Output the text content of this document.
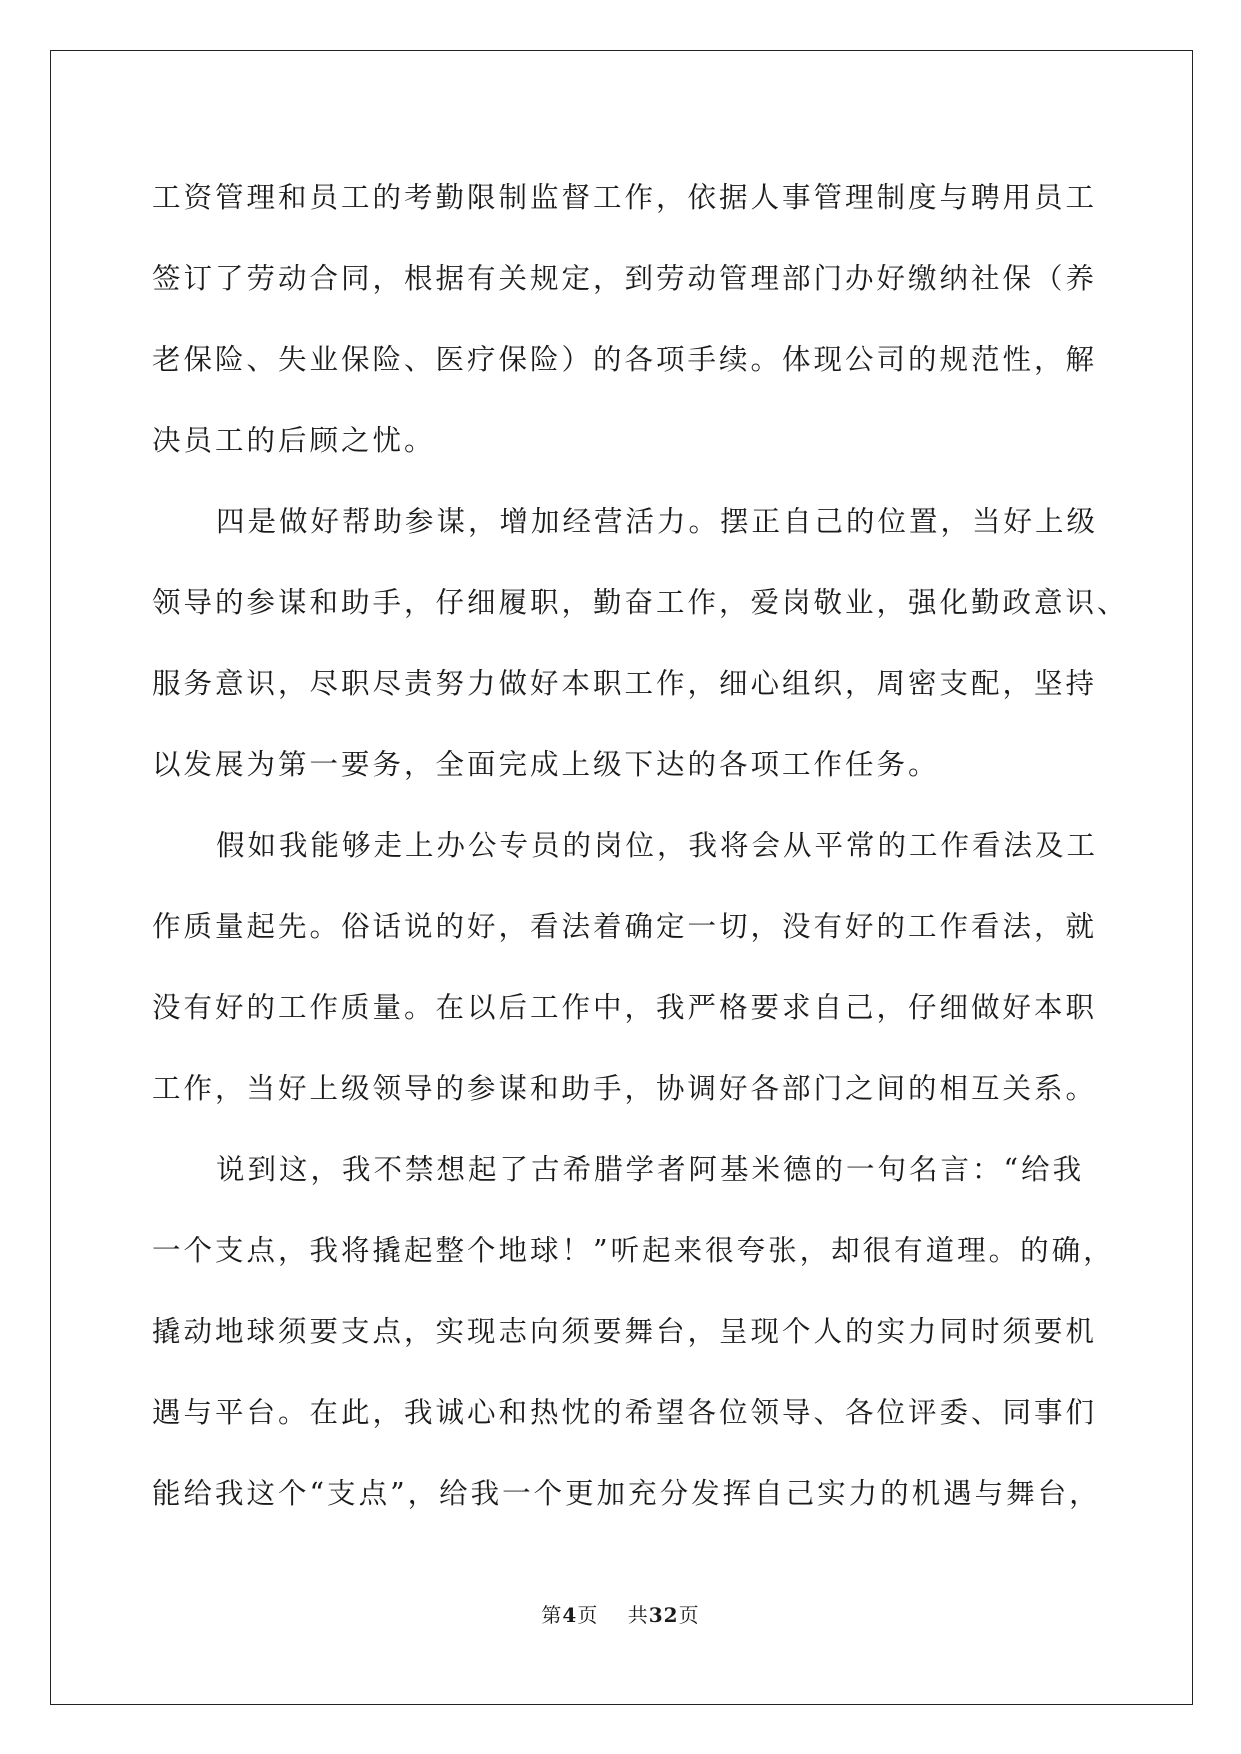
工资管理和员工的考勤限制监督工作，依据人事管理制度与聘用员工
签订了劳动合同，根据有关规定，到劳动管理部门办好缴纳社保（养
老保险、失业保险、医疗保险）的各项手续。体现公司的规范性，解
决员工的后顾之忧。

四是做好帮助参谋，增加经营活力。摆正自己的位置，当好上级
领导的参谋和助手，仔细履职，勤奋工作，爱岗敬业，强化勤政意识、
服务意识，尽职尽责努力做好本职工作，细心组织，周密支配，坚持
以发展为第一要务，全面完成上级下达的各项工作任务。

假如我能够走上办公专员的岗位，我将会从平常的工作看法及工
作质量起先。俗话说的好，看法着确定一切，没有好的工作看法，就
没有好的工作质量。在以后工作中，我严格要求自己，仔细做好本职
工作，当好上级领导的参谋和助手，协调好各部门之间的相互关系。

说到这，我不禁想起了古希腊学者阿基米德的一句名言：“给我
一个支点，我将撬起整个地球！”听起来很夸张，却很有道理。的确，
撬动地球须要支点，实现志向须要舞台，呈现个人的实力同时须要机
遇与平台。在此，我诚心和热忱的希望各位领导、各位评委、同事们
能给我这个“支点”，给我一个更加充分发挥自己实力的机遇与舞台，

第4页 共32页
